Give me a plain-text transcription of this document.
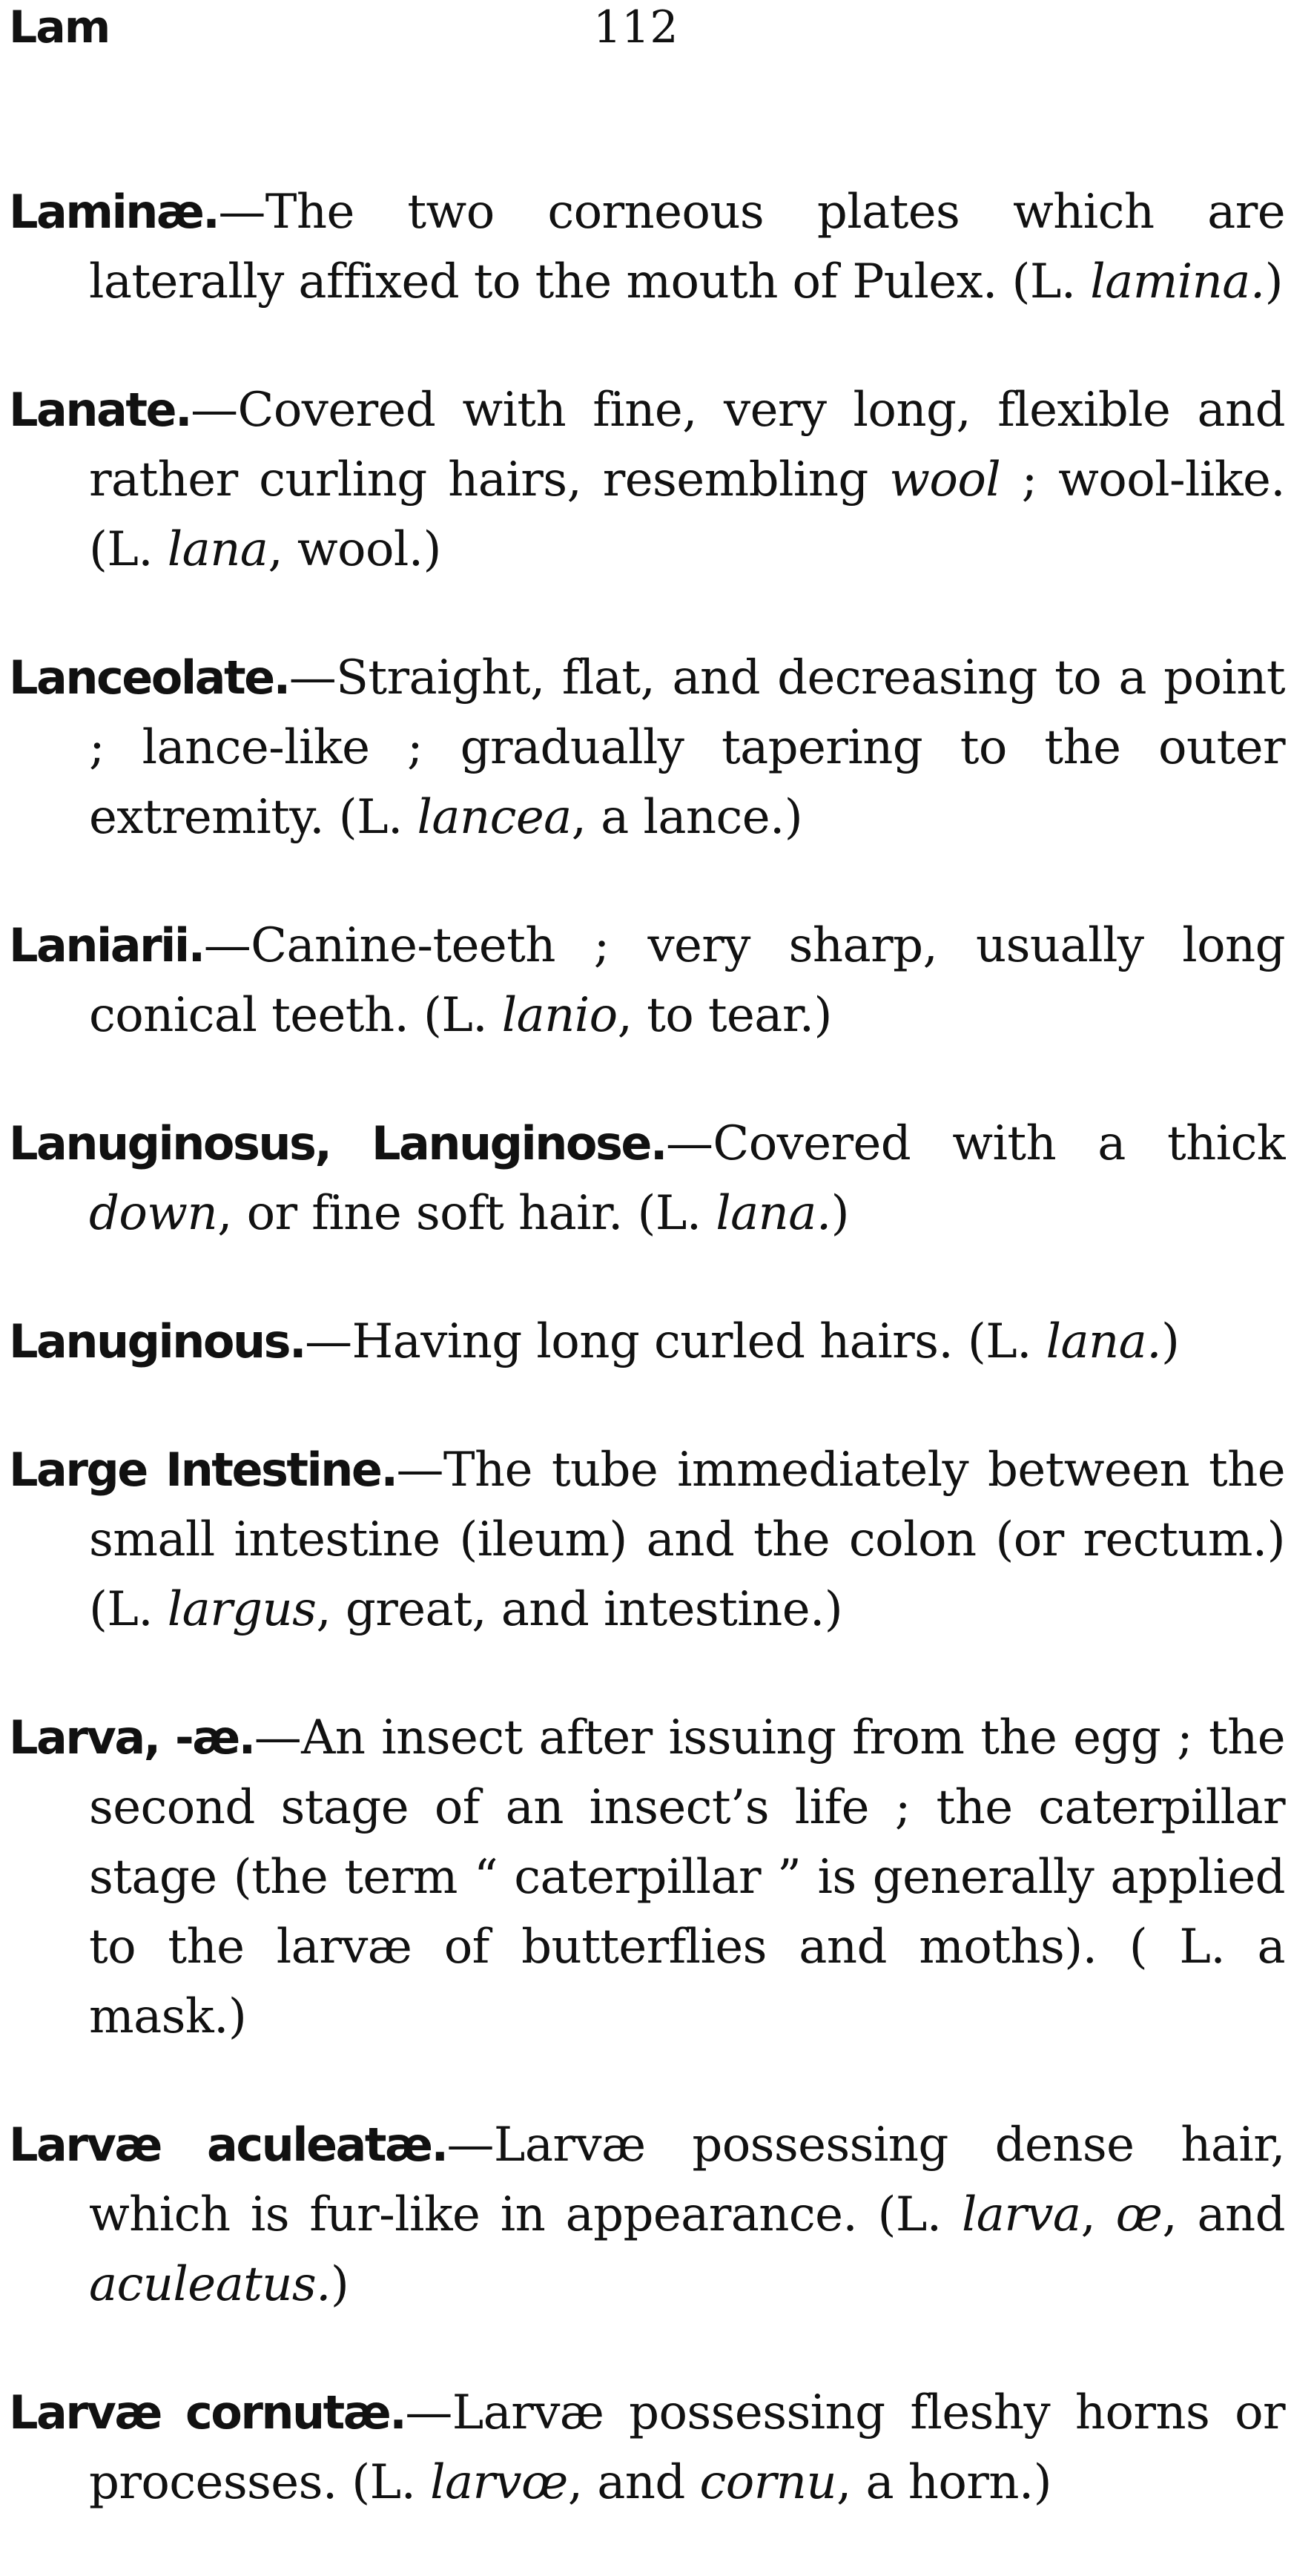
Lam	112

Laminæ.—The two corneous plates which are laterally affixed to the mouth of Pulex. (L. lamina.)

Lanate.—Covered with fine, very long, flexible and rather curling hairs, resembling wool ; wool-like. (L. lana, wool.)

Lanceolate.—Straight, flat, and decreasing to a point ; lance-like ; gradually tapering to the outer extremity. (L. lancea, a lance.)

Laniarii.—Canine-teeth ; very sharp, usually long conical teeth. (L. lanio, to tear.)

Lanuginosus, Lanuginose.—Covered with a thick down, or fine soft hair. (L. lana.)

Lanuginous.—Having long curled hairs. (L. lana.)

Large Intestine.—The tube immediately between the small intestine (ileum) and the colon (or rectum.) (L. largus, great, and intestine.)

Larva, -æ.—An insect after issuing from the egg ; the second stage of an insect’s life ; the caterpillar stage (the term “ caterpillar ” is generally applied to the larvæ of butterflies and moths). ( L. a mask.)

Larvæ aculeatæ.—Larvæ possessing dense hair, which is fur-like in appearance. (L. larva, œ, and aculeatus.)

Larvæ cornutæ.—Larvæ possessing fleshy horns or processes. (L. larvœ, and cornu, a horn.)
